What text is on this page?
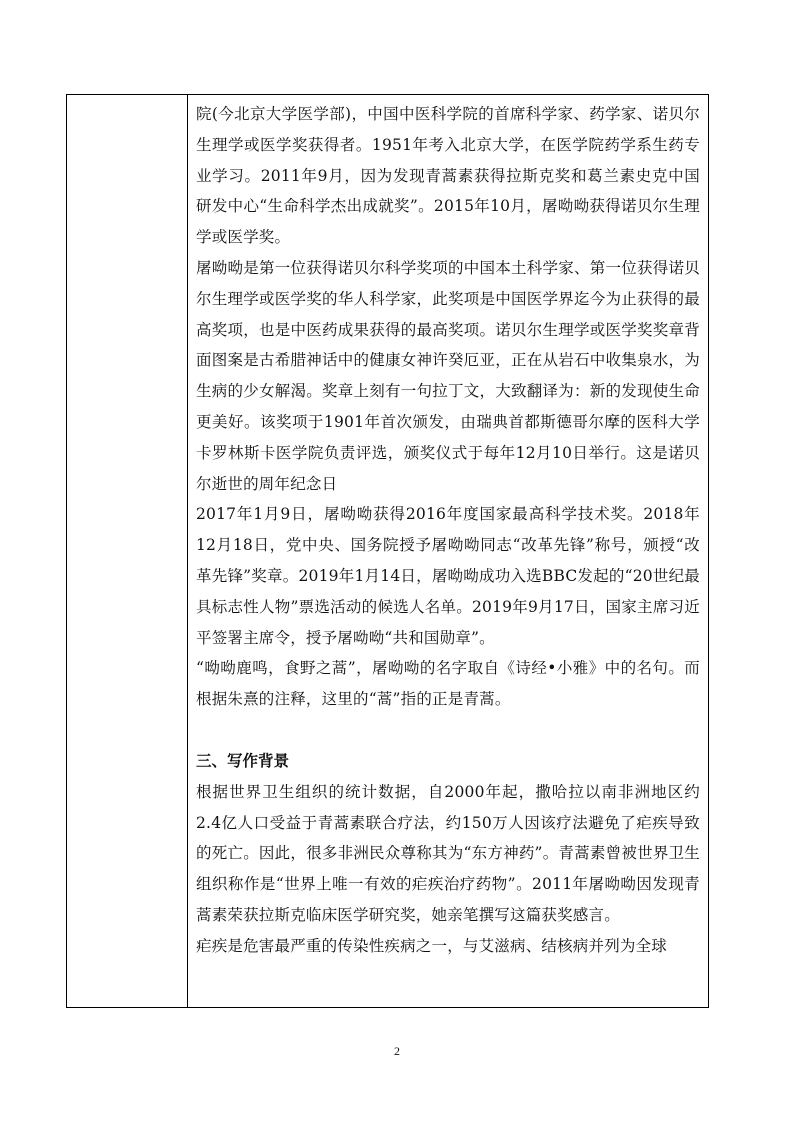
院(今北京大学医学部)，中国中医科学院的首席科学家、药学家、诺贝尔生理学或医学奖获得者。1951年考入北京大学，在医学院药学系生药专业学习。2011年9月，因为发现青蒿素获得拉斯克奖和葛兰素史克中国研发中心“生命科学杰出成就奖”。2015年10月，屠呦呦获得诺贝尔生理学或医学奖。

屠呦呦是第一位获得诺贝尔科学奖项的中国本土科学家、第一位获得诺贝尔生理学或医学奖的华人科学家，此奖项是中国医学界迄今为止获得的最高奖项，也是中医药成果获得的最高奖项。诺贝尔生理学或医学奖奖章背面图案是古希腊神话中的健康女神许癸厄亚，正在从岩石中收集泉水，为生病的少女解渴。奖章上刻有一句拉丁文，大致翻译为：新的发现使生命更美好。该奖项于1901年首次颁发，由瑞典首都斯德哥尔摩的医科大学卡罗林斯卡医学院负责评选，颁奖仪式于每年12月10日举行。这是诺贝尔逝世的周年纪念日

2017年1月9日，屠呦呦获得2016年度国家最高科学技术奖。2018年12月18日，党中央、国务院授予屠呦呦同志“改革先锋”称号，颁授“改革先锋”奖章。2019年1月14日，屠呦呦成功入选BBC发起的“20世纪最具标志性人物”票选活动的候选人名单。2019年9月17日，国家主席习近平签署主席令，授予屠呦呦“共和国勋章”。

“呦呦鹿鸣，食野之蒿”，屠呦呦的名字取自《诗经•小雅》中的名句。而根据朱熹的注释，这里的“蒿”指的正是青蒿。

三、写作背景

根据世界卫生组织的统计数据，自2000年起，撒哈拉以南非洲地区约2.4亿人口受益于青蒿素联合疗法，约150万人因该疗法避免了疟疾导致的死亡。因此，很多非洲民众尊称其为“东方神药”。青蒿素曾被世界卫生组织称作是“世界上唯一有效的疟疾治疗药物”。2011年屠呦呦因发现青蒿素荣获拉斯克临床医学研究奖，她亲笔撰写这篇获奖感言。

疟疾是危害最严重的传染性疾病之一，与艾滋病、结核病并列为全球

2
